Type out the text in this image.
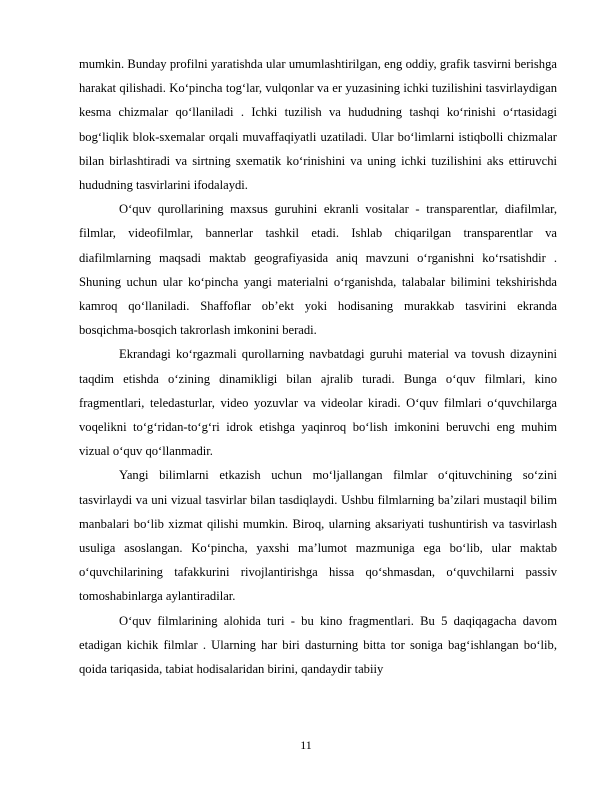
mumkin. Bunday profilni yaratishda ular umumlashtirilgan, eng oddiy, grafik tasvirni berishga harakat qilishadi. Ko‘pincha tog‘lar, vulqonlar va er yuzasining ichki tuzilishini tasvirlaydigan kesma chizmalar qo‘llaniladi . Ichki tuzilish va hududning tashqi ko‘rinishi o‘rtasidagi bog‘liqlik blok-sxemalar orqali muvaffaqiyatli uzatiladi. Ular bo‘limlarni istiqbolli chizmalar bilan birlashtiradi va sirtning sxematik ko‘rinishini va uning ichki tuzilishini aks ettiruvchi hududning tasvirlarini ifodalaydi.

O‘quv qurollarining maxsus guruhini ekranli vositalar - transparentlar, diafilmlar, filmlar, videofilmlar, bannerlar tashkil etadi. Ishlab chiqarilgan transparentlar va diafilmlarning maqsadi maktab geografiyasida aniq mavzuni o‘rganishni ko‘rsatishdir . Shuning uchun ular ko‘pincha yangi materialni o‘rganishda, talabalar bilimini tekshirishda kamroq qo‘llaniladi. Shaffoflar ob’ekt yoki hodisaning murakkab tasvirini ekranda bosqichma-bosqich takrorlash imkonini beradi.

Ekrandagi ko‘rgazmali qurollarning navbatdagi guruhi material va tovush dizaynini taqdim etishda o‘zining dinamikligi bilan ajralib turadi. Bunga o‘quv filmlari, kino fragmentlari, teledasturlar, video yozuvlar va videolar kiradi. O‘quv filmlari o‘quvchilarga voqelikni to‘g‘ridan-to‘g‘ri idrok etishga yaqinroq bo‘lish imkonini beruvchi eng muhim vizual o‘quv qo‘llanmadir.

Yangi bilimlarni etkazish uchun mo‘ljallangan filmlar o‘qituvchining so‘zini tasvirlaydi va uni vizual tasvirlar bilan tasdiqlaydi. Ushbu filmlarning ba’zilari mustaqil bilim manbalari bo‘lib xizmat qilishi mumkin. Biroq, ularning aksariyati tushuntirish va tasvirlash usuliga asoslangan. Ko‘pincha, yaxshi ma’lumot mazmuniga ega bo‘lib, ular maktab o‘quvchilarining tafakkurini rivojlantirishga hissa qo‘shmasdan, o‘quvchilarni passiv tomoshabinlarga aylantiradilar.

O‘quv filmlarining alohida turi - bu kino fragmentlari. Bu 5 daqiqagacha davom etadigan kichik filmlar . Ularning har biri dasturning bitta tor soniga bag‘ishlangan bo‘lib, qoida tariqasida, tabiat hodisalaridan birini, qandaydir tabiiy

11
